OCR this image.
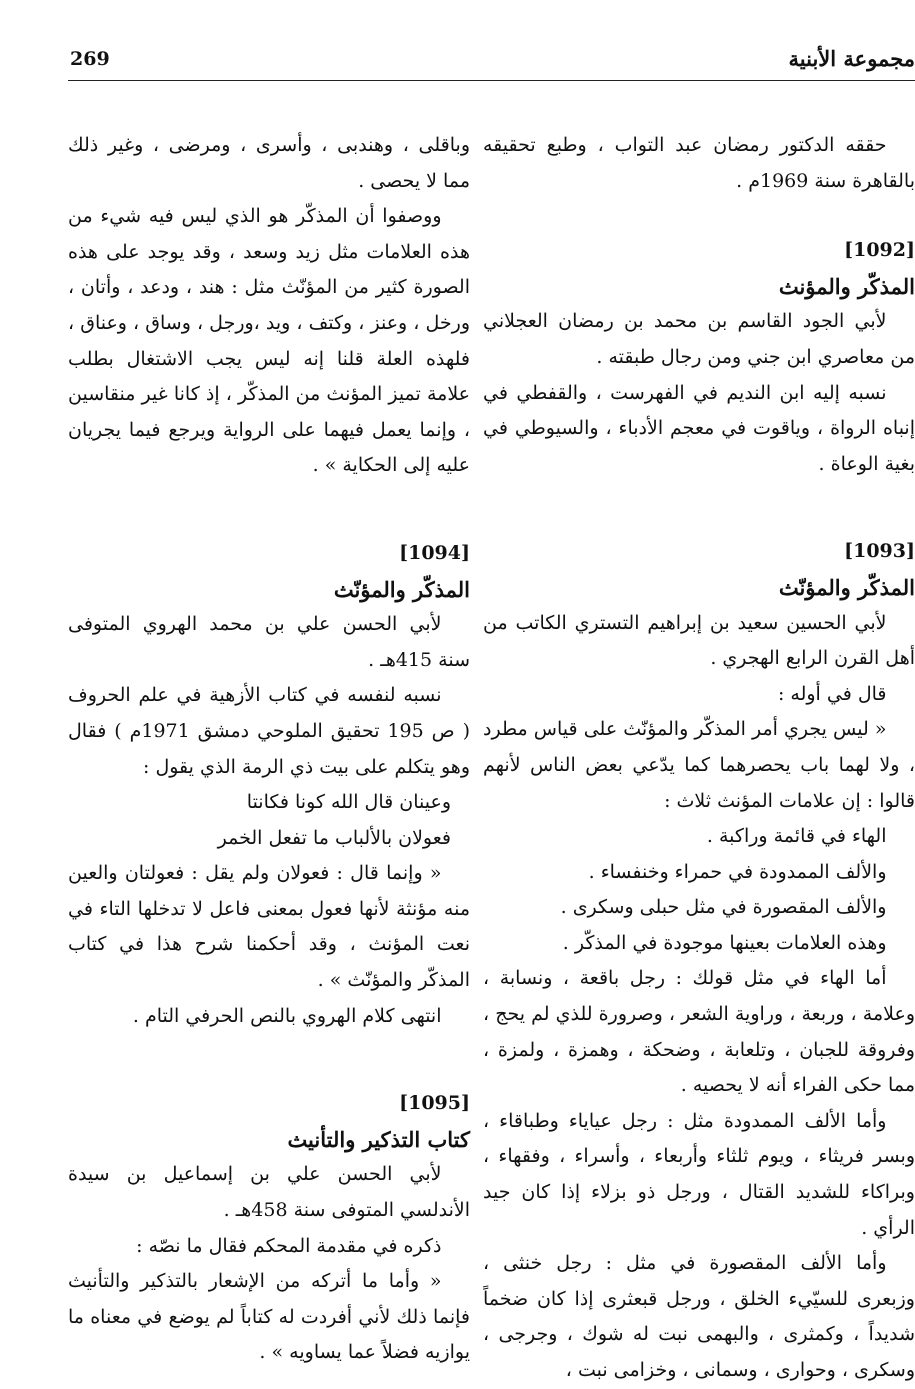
269	مجموعة الأبنية

حققه الدكتور رمضان عبد التواب ، وطبع تحقيقه بالقاهرة سنة 1969م .

[1092]

المذكّر والمؤنث

لأبي الجود القاسم بن محمد بن رمضان العجلاني من معاصري ابن جني ومن رجال طبقته .

نسبه إليه ابن النديم في الفهرست ، والقفطي في إنباه الرواة ، وياقوت في معجم الأدباء ، والسيوطي في بغية الوعاة .

[1093]

المذكّر والمؤنّث

لأبي الحسين سعيد بن إبراهيم التستري الكاتب من أهل القرن الرابع الهجري .

قال في أوله :

« ليس يجري أمر المذكّر والمؤنّث على قياس مطرد ، ولا لهما باب يحصرهما كما يدّعي بعض الناس لأنهم قالوا : إن علامات المؤنث ثلاث :

الهاء في قائمة وراكبة .

والألف الممدودة في حمراء وخنفساء .

والألف المقصورة في مثل حبلى وسكرى .

وهذه العلامات بعينها موجودة في المذكّر .

أما الهاء في مثل قولك : رجل باقعة ، ونسابة ، وعلامة ، وربعة ، وراوية الشعر ، وصرورة للذي لم يحج ، وفروقة للجبان ، وتلعابة ، وضحكة ، وهمزة ، ولمزة ، مما حكى الفراء أنه لا يحصيه .

وأما الألف الممدودة مثل : رجل عياياء وطباقاء ، وبسر فريثاء ، ويوم ثلثاء وأربعاء ، وأسراء ، وفقهاء ، وبراكاء للشديد القتال ، ورجل ذو بزلاء إذا كان جيد الرأي .

وأما الألف المقصورة في مثل : رجل خنثى ، وزبعرى للسيّيء الخلق ، ورجل قبعثرى إذا كان ضخماً شديداً ، وكمثرى ، والبهمى نبت له شوك ، وجرجى ، وسكرى ، وحوارى ، وسمانى ، وخزامى نبت ،

وباقلى ، وهندبى ، وأسرى ، ومرضى ، وغير ذلك مما لا يحصى .

ووصفوا أن المذكّر هو الذي ليس فيه شيء من هذه العلامات مثل زيد وسعد ، وقد يوجد على هذه الصورة كثير من المؤنّث مثل : هند ، ودعد ، وأتان ، ورخل ، وعنز ، وكتف ، ويد ،ورجل ، وساق ، وعناق ، فلهذه العلة قلنا إنه ليس يجب الاشتغال بطلب علامة تميز المؤنث من المذكّر ، إذ كانا غير منقاسين ، وإنما يعمل فيهما على الرواية ويرجع فيما يجريان عليه إلى الحكاية » .

[1094]

المذكّر والمؤنّث

لأبي الحسن علي بن محمد الهروي المتوفى سنة 415هـ .

نسبه لنفسه في كتاب الأزهية في علم الحروف ( ص 195 تحقيق الملوحي دمشق 1971م ) فقال وهو يتكلم على بيت ذي الرمة الذي يقول :

وعينان قال الله كونا فكانتا

فعولان بالألباب ما تفعل الخمر

« وإنما قال : فعولان ولم يقل : فعولتان والعين منه مؤنثة لأنها فعول بمعنى فاعل لا تدخلها التاء في نعت المؤنث ، وقد أحكمنا شرح هذا في كتاب المذكّر والمؤنّث » .

انتهى كلام الهروي بالنص الحرفي التام .

[1095]

كتاب التذكير والتأنيث

لأبي الحسن علي بن إسماعيل بن سيدة الأندلسي المتوفى سنة 458هـ .

ذكره في مقدمة المحكم فقال ما نصّه :

« وأما ما أتركه من الإشعار بالتذكير والتأنيث فإنما ذلك لأني أفردت له كتاباً لم يوضع في معناه ما يوازيه فضلاً عما يساويه » .
